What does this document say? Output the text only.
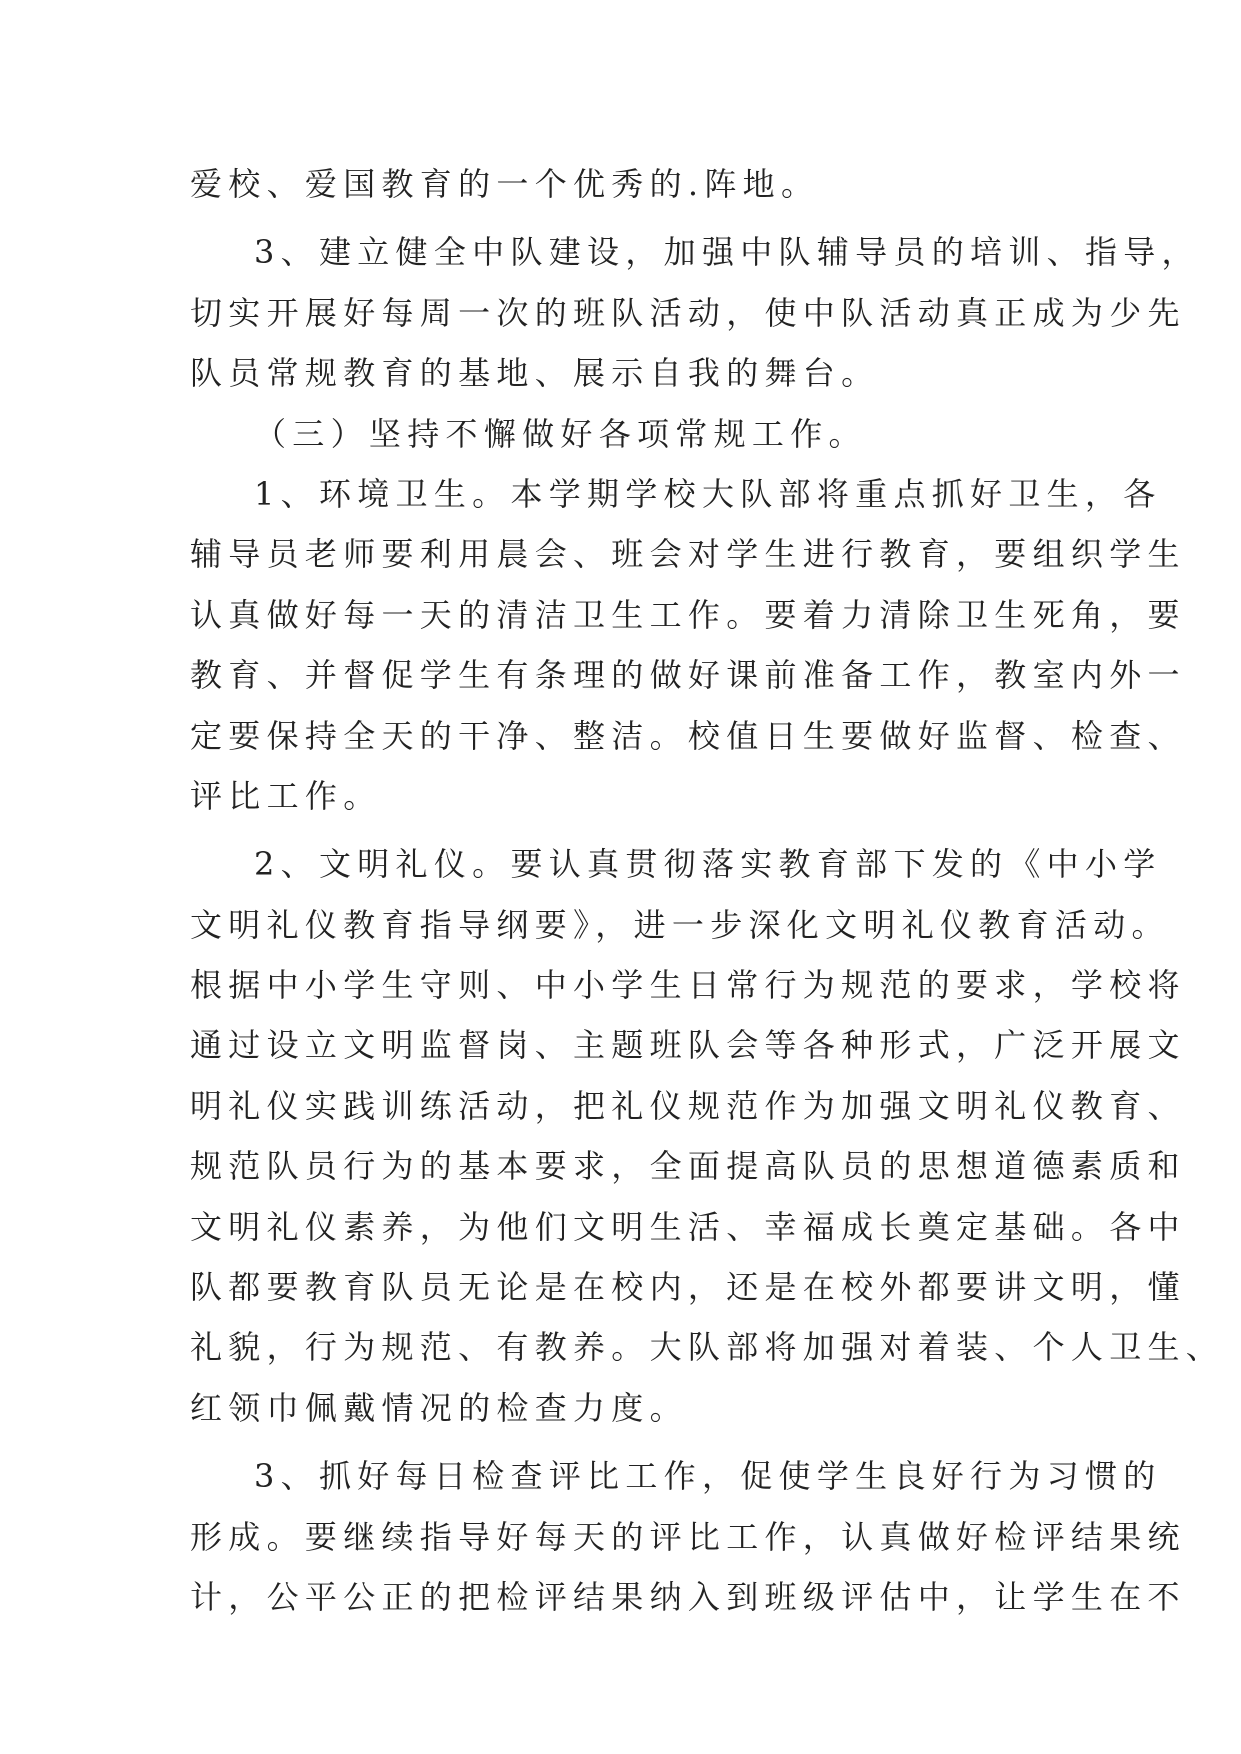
爱校、爱国教育的一个优秀的.阵地。
3、建立健全中队建设，加强中队辅导员的培训、指导，
切实开展好每周一次的班队活动，使中队活动真正成为少先
队员常规教育的基地、展示自我的舞台。
（三）坚持不懈做好各项常规工作。
1、环境卫生。本学期学校大队部将重点抓好卫生，各
辅导员老师要利用晨会、班会对学生进行教育，要组织学生
认真做好每一天的清洁卫生工作。要着力清除卫生死角，要
教育、并督促学生有条理的做好课前准备工作，教室内外一
定要保持全天的干净、整洁。校值日生要做好监督、检查、
评比工作。
2、文明礼仪。要认真贯彻落实教育部下发的《中小学
文明礼仪教育指导纲要》，进一步深化文明礼仪教育活动。
根据中小学生守则、中小学生日常行为规范的要求，学校将
通过设立文明监督岗、主题班队会等各种形式，广泛开展文
明礼仪实践训练活动，把礼仪规范作为加强文明礼仪教育、
规范队员行为的基本要求，全面提高队员的思想道德素质和
文明礼仪素养，为他们文明生活、幸福成长奠定基础。各中
队都要教育队员无论是在校内，还是在校外都要讲文明，懂
礼貌，行为规范、有教养。大队部将加强对着装、个人卫生、
红领巾佩戴情况的检查力度。
3、抓好每日检查评比工作，促使学生良好行为习惯的
形成。要继续指导好每天的评比工作，认真做好检评结果统
计，公平公正的把检评结果纳入到班级评估中，让学生在不
